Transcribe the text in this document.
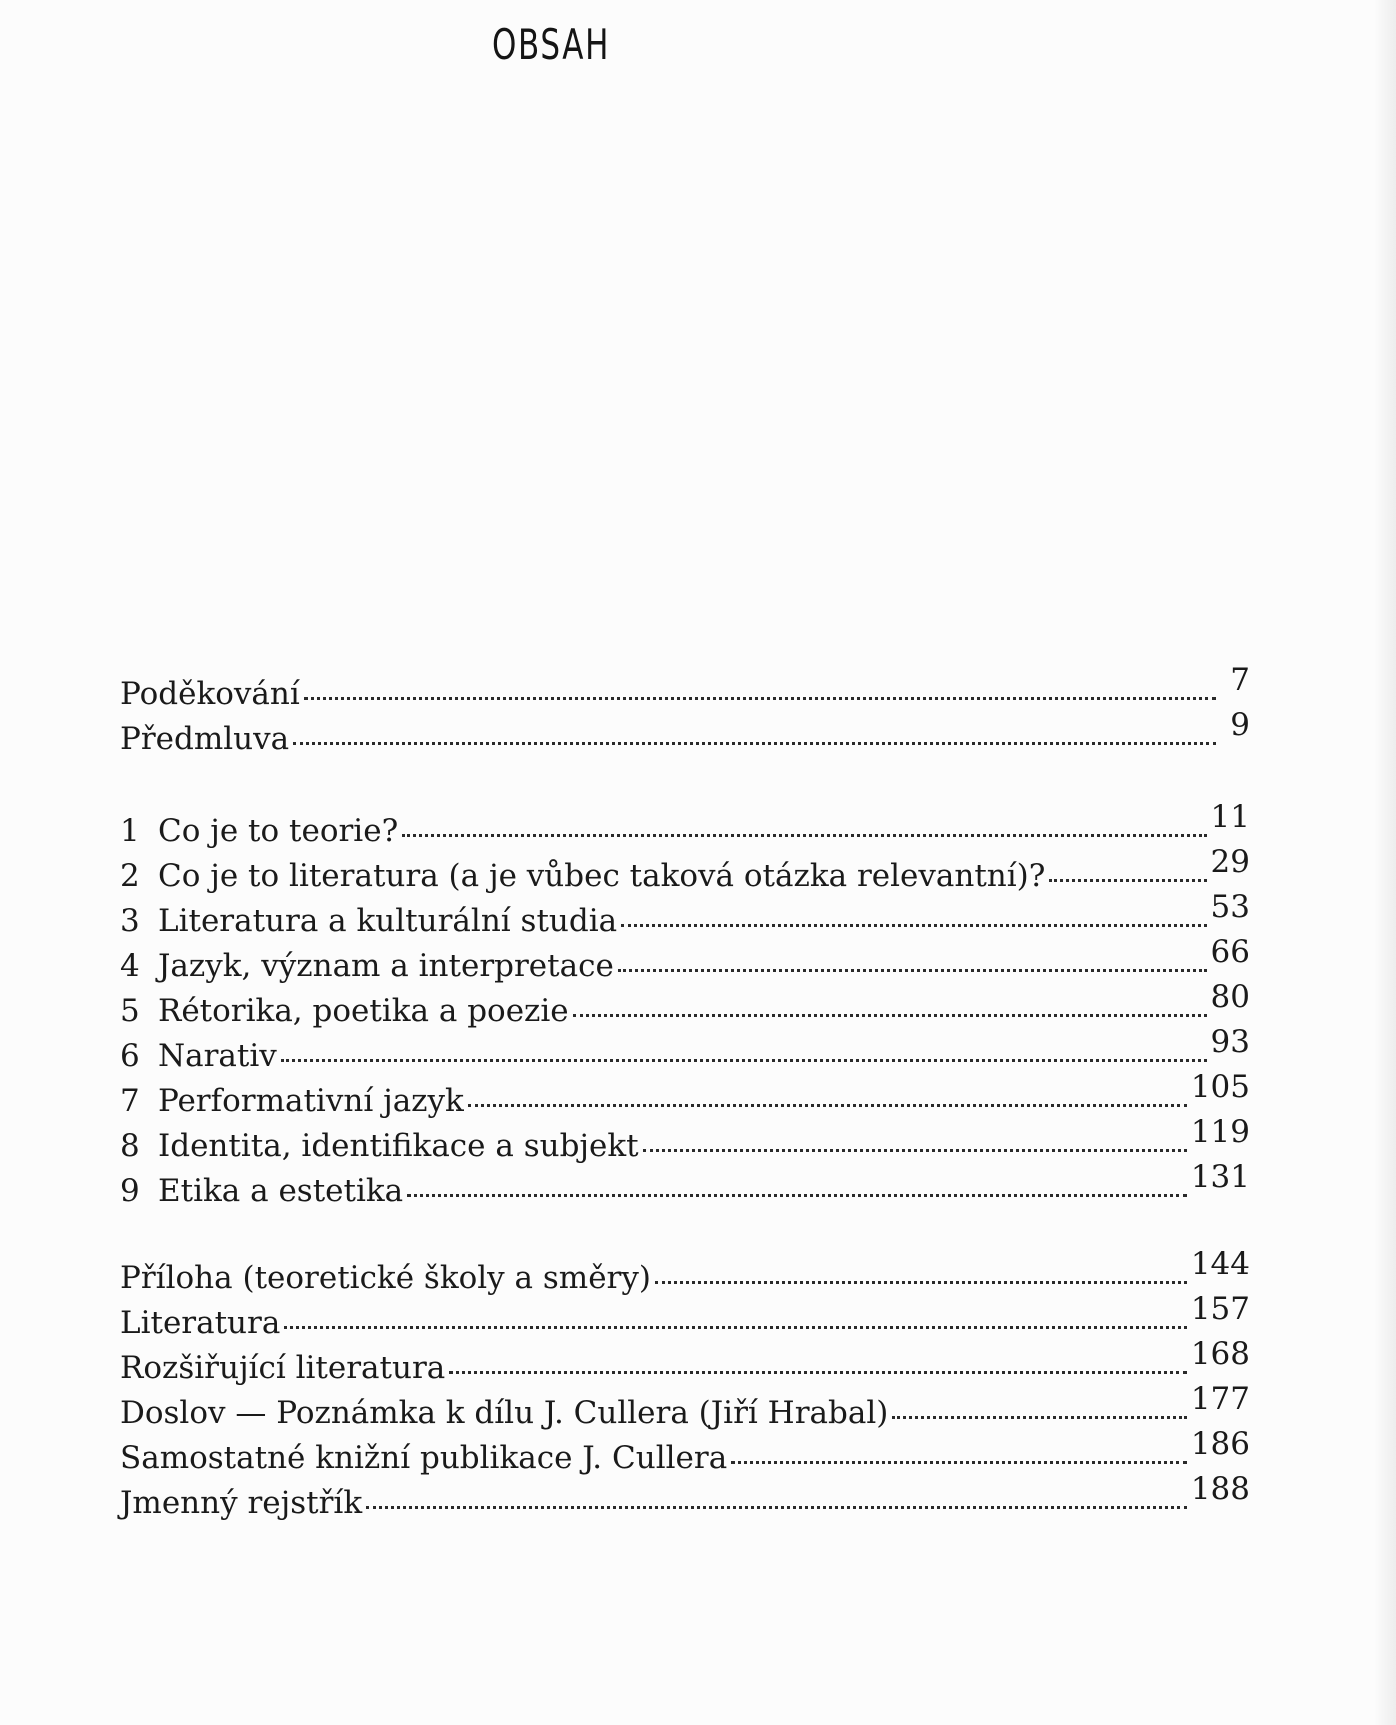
OBSAH
Poděkování	7
Předmluva	9
1 Co je to teorie?	11
2 Co je to literatura (a je vůbec taková otázka relevantní)?	29
3 Literatura a kulturální studia	53
4 Jazyk, význam a interpretace	66
5 Rétorika, poetika a poezie	80
6 Narativ	93
7 Performativní jazyk	105
8 Identita, identifikace a subjekt	119
9 Etika a estetika	131
Příloha (teoretické školy a směry)	144
Literatura	157
Rozšiřující literatura	168
Doslov — Poznámka k dílu J. Cullera (Jiří Hrabal)	177
Samostatné knižní publikace J. Cullera	186
Jmenný rejstřík	188
